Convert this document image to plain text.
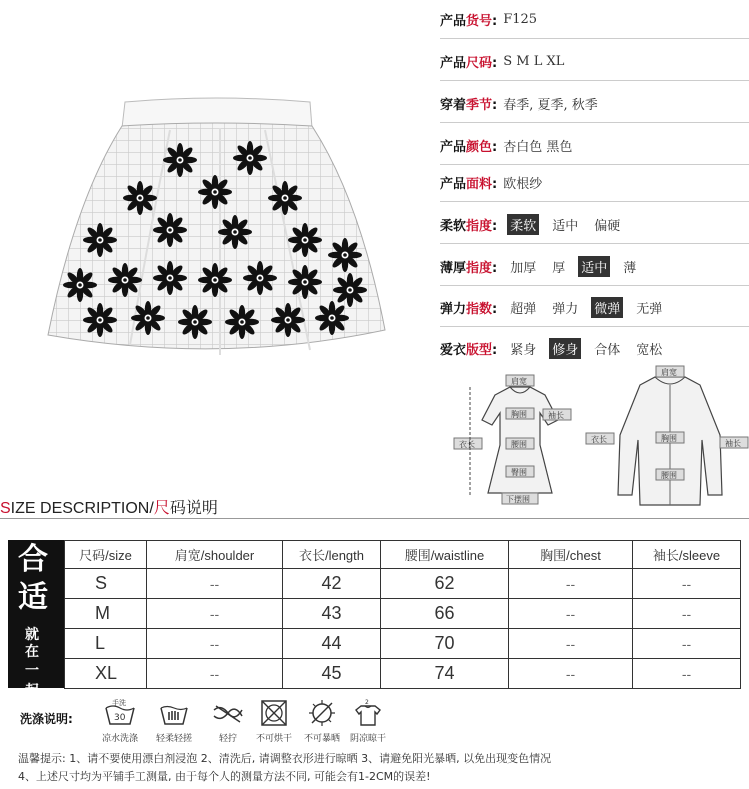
产品货号: F125
产品尺码: S M L XL
穿着季节: 春季, 夏季, 秋季
产品颜色: 杏白色 黑色
产品面料: 欧根纱
柔软指度: 柔软 适中 偏硬
薄厚指度: 加厚 厚 适中 薄
弹力指数: 超弹 弹力 微弹 无弹
爱衣版型: 紧身 修身 合体 宽松
肩宽
胸围	袖长
衣长	腰围
臀围
下摆围
肩宽
衣长	胸围
袖长
腰围
SIZE DESCRIPTION/尺码说明
合
适
就
在
一
起
尺码/size	肩宽/shoulder	衣长/length	腰围/waistline	胸围/chest	袖长/sleeve
S	--	42	62	--	--
M	--	43	66	--	--
L	--	44	70	--	--
XL	--	45	74	--	--
洗涤说明:
手洗
30
凉水洗涤	轻柔轻搓	轻拧	不可烘干	不可暴晒
2
阴凉晾干
温馨提示: 1、请不要使用漂白剂浸泡 2、清洗后, 请调整衣形进行晾晒 3、请避免阳光暴晒, 以免出现变色情况
4、上述尺寸均为平铺手工测量, 由于每个人的测量方法不同, 可能会有1-2CM的误差!
